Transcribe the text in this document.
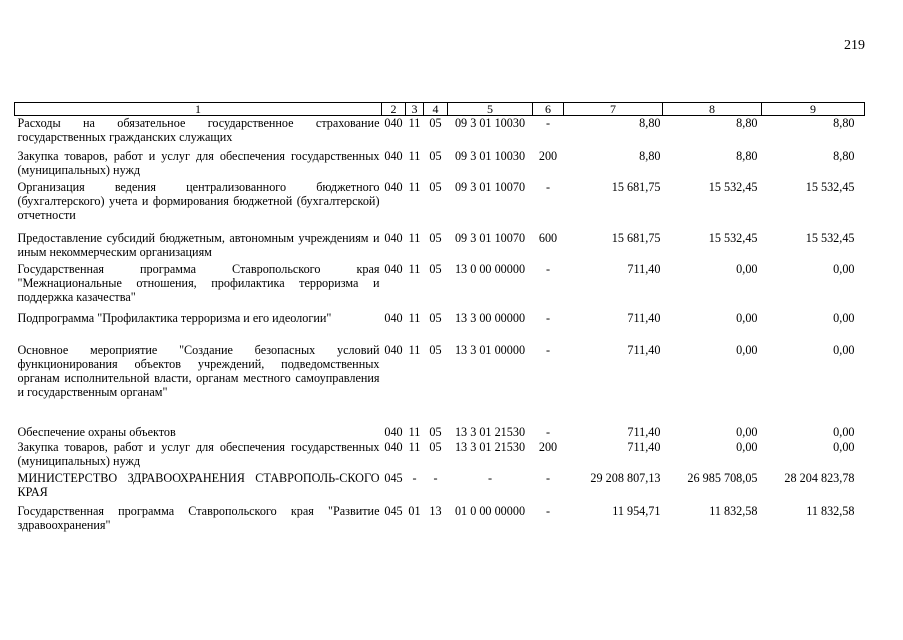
219
1	2	3	4	5	6	7	8	9
Расходы на обязательное государственное страхование государственных гражданских служащих	040	11	05	09 3 01 10030	-	8,80	8,80	8,80
Закупка товаров, работ и услуг для обеспечения государственных (муниципальных) нужд	040	11	05	09 3 01 10030	200	8,80	8,80	8,80
Организация ведения централизованного бюджетного (бухгалтерского) учета и формирования бюджетной (бухгалтерской) отчетности	040	11	05	09 3 01 10070	-	15 681,75	15 532,45	15 532,45
Предоставление субсидий бюджетным, автономным учреждениям и иным некоммерческим организациям	040	11	05	09 3 01 10070	600	15 681,75	15 532,45	15 532,45
Государственная программа Ставропольского края "Межнациональные отношения, профилактика терроризма и поддержка казачества"	040	11	05	13 0 00 00000	-	711,40	0,00	0,00
Подпрограмма "Профилактика терроризма и его идеологии"	040	11	05	13 3 00 00000	-	711,40	0,00	0,00
Основное мероприятие "Создание безопасных условий функционирования объектов учреждений, подведомственных органам исполнительной власти, органам местного самоуправления и государственным органам"	040	11	05	13 3 01 00000	-	711,40	0,00	0,00
Обеспечение охраны объектов	040	11	05	13 3 01 21530	-	711,40	0,00	0,00
Закупка товаров, работ и услуг для обеспечения государственных (муниципальных) нужд	040	11	05	13 3 01 21530	200	711,40	0,00	0,00
МИНИСТЕРСТВО ЗДРАВООХРАНЕНИЯ СТАВРОПОЛЬ-СКОГО КРАЯ	045	-	-	-	-	29 208 807,13	26 985 708,05	28 204 823,78
Государственная программа Ставропольского края "Развитие здравоохранения"	045	01	13	01 0 00 00000	-	11 954,71	11 832,58	11 832,58
